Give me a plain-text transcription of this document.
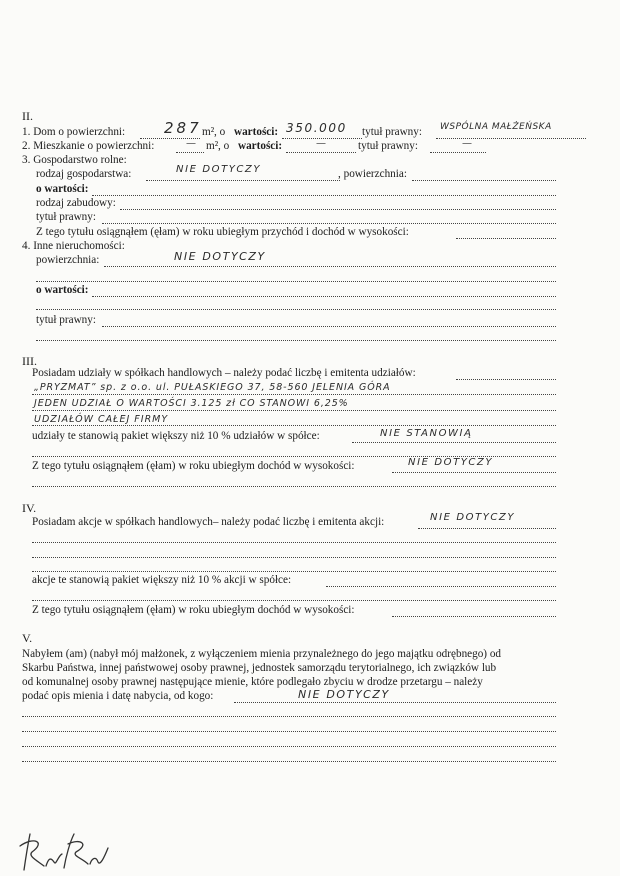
II.
1. Dom o powierzchni:	287 m², o wartości: 350.000 tytuł prawny: WSPÓLNA MAŁŻEŃSKA
2. Mieszkanie o powierzchni:	— m², o wartości:	—	tytuł prawny:	—
3. Gospodarstwo rolne:
rodzaj gospodarstwa:	NIE DOTYCZY	, powierzchnia:
o wartości:
rodzaj zabudowy:
tytuł prawny:
Z tego tytułu osiągnąłem (ęłam) w roku ubiegłym przychód i dochód w wysokości:
4. Inne nieruchomości:
powierzchnia:	NIE DOTYCZY
o wartości:
tytuł prawny:
III.
Posiadam udziały w spółkach handlowych – należy podać liczbę i emitenta udziałów:
„PRYZMAT” sp. z o.o. ul. PUŁASKIEGO 37, 58-560 JELENIA GÓRA
JEDEN UDZIAŁ O WARTOŚCI 3.125 zł CO STANOWI 6,25%
UDZIAŁÓW CAŁEJ FIRMY
udziały te stanowią pakiet większy niż 10 % udziałów w spółce:	NIE STANOWIĄ
Z tego tytułu osiągnąłem (ęłam) w roku ubiegłym dochód w wysokości:	NIE DOTYCZY
IV.
Posiadam akcje w spółkach handlowych– należy podać liczbę i emitenta akcji:	NIE DOTYCZY
akcje te stanowią pakiet większy niż 10 % akcji w spółce:
Z tego tytułu osiągnąłem (ęłam) w roku ubiegłym dochód w wysokości:
V.
Nabyłem (am) (nabył mój małżonek, z wyłączeniem mienia przynależnego do jego majątku odrębnego) od
Skarbu Państwa, innej państwowej osoby prawnej, jednostek samorządu terytorialnego, ich związków lub
od komunalnej osoby prawnej następujące mienie, które podlegało zbyciu w drodze przetargu – należy
podać opis mienia i datę nabycia, od kogo:	NIE DOTYCZY
